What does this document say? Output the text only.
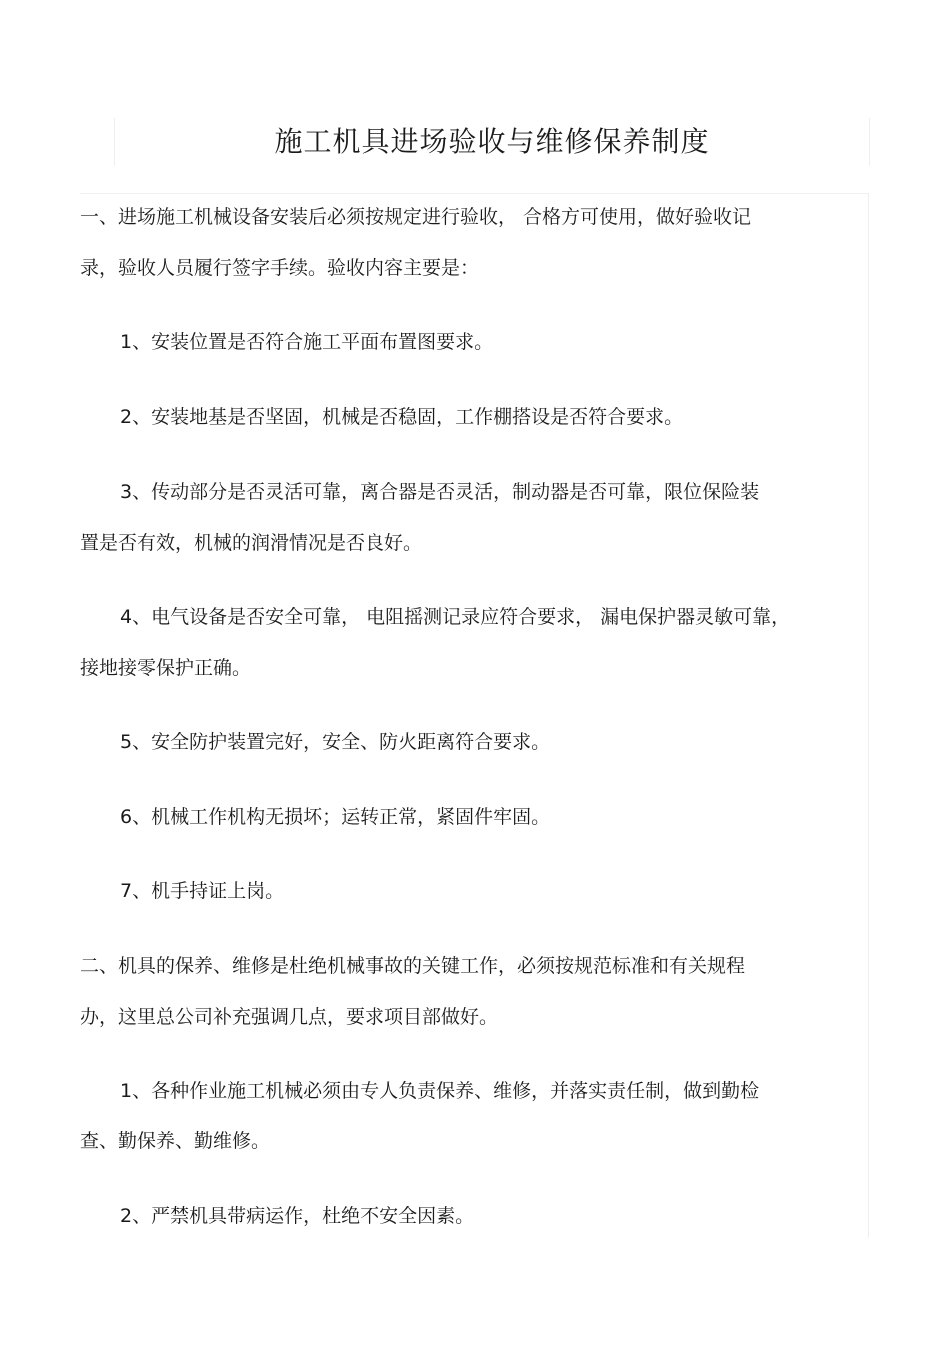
施工机具进场验收与维修保养制度
一、进场施工机械设备安装后必须按规定进行验收， 合格方可使用，做好验收记
录，验收人员履行签字手续。验收内容主要是：
1、安装位置是否符合施工平面布置图要求。
2、安装地基是否坚固，机械是否稳固，工作棚搭设是否符合要求。
3、传动部分是否灵活可靠，离合器是否灵活，制动器是否可靠，限位保险装
置是否有效，机械的润滑情况是否良好。
4、电气设备是否安全可靠， 电阻摇测记录应符合要求， 漏电保护器灵敏可靠，
接地接零保护正确。
5、安全防护装置完好，安全、防火距离符合要求。
6、机械工作机构无损坏；运转正常，紧固件牢固。
7、机手持证上岗。
二、机具的保养、维修是杜绝机械事故的关键工作，必须按规范标准和有关规程
办，这里总公司补充强调几点，要求项目部做好。
1、各种作业施工机械必须由专人负责保养、维修，并落实责任制，做到勤检
查、勤保养、勤维修。
2、严禁机具带病运作，杜绝不安全因素。
